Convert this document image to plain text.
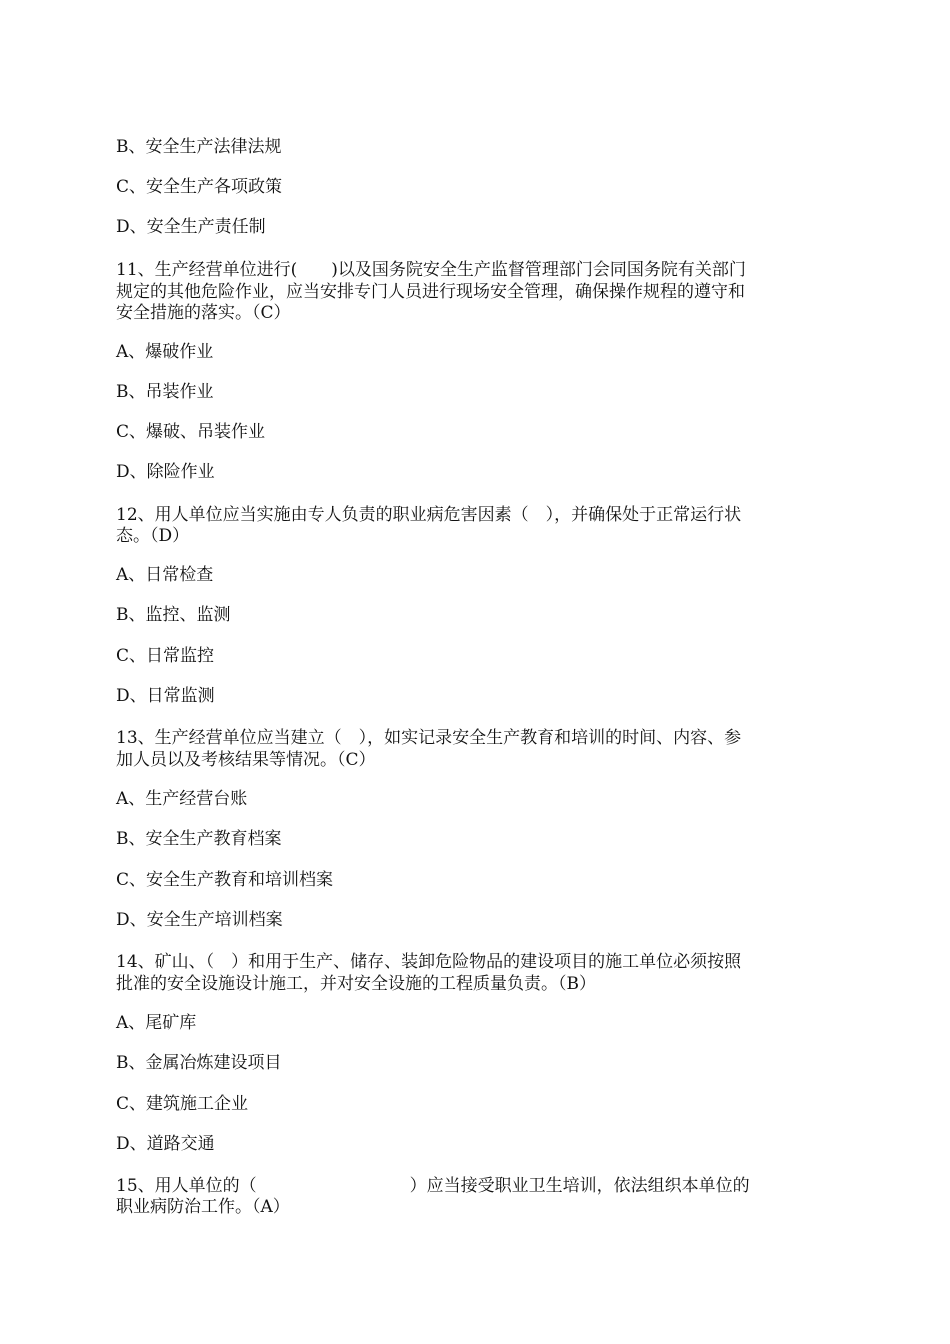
B、安全生产法律法规
C、安全生产各项政策
D、安全生产责任制
11、生产经营单位进行(　　)以及国务院安全生产监督管理部门会同国务院有关部门
规定的其他危险作业，应当安排专门人员进行现场安全管理，确保操作规程的遵守和
安全措施的落实。（C）
A、爆破作业
B、吊装作业
C、爆破、吊装作业
D、除险作业
12、用人单位应当实施由专人负责的职业病危害因素（　），并确保处于正常运行状
态。（D）
A、日常检查
B、监控、监测
C、日常监控
D、日常监测
13、生产经营单位应当建立（　），如实记录安全生产教育和培训的时间、内容、参
加人员以及考核结果等情况。（C）
A、生产经营台账
B、安全生产教育档案
C、安全生产教育和培训档案
D、安全生产培训档案
14、矿山、（　）和用于生产、储存、装卸危险物品的建设项目的施工单位必须按照
批准的安全设施设计施工，并对安全设施的工程质量负责。（B）
A、尾矿库
B、金属冶炼建设项目
C、建筑施工企业
D、道路交通
15、用人单位的（　　　　　　　　　）应当接受职业卫生培训，依法组织本单位的
职业病防治工作。（A）
